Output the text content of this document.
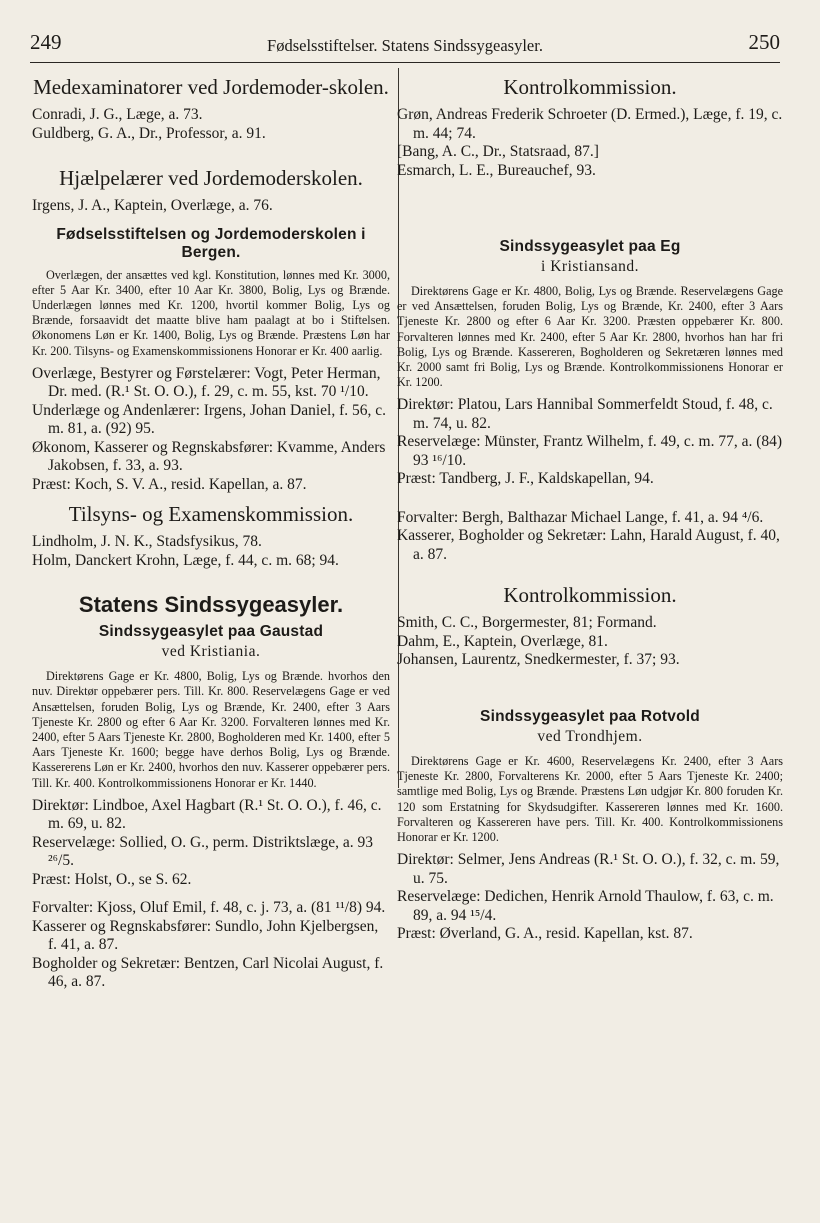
249	Fødselsstiftelser. Statens Sindssygeasyler.	250
Medexaminatorer ved Jordemoder-skolen.
Conradi, J. G., Læge, a. 73.
Guldberg, G. A., Dr., Professor, a. 91.
Hjælpelærer ved Jordemoderskolen.
Irgens, J. A., Kaptein, Overlæge, a. 76.
Fødselsstiftelsen og Jordemoderskolen i Bergen.
Overlægen, der ansættes ved kgl. Konstitution, lønnes med Kr. 3000, efter 5 Aar Kr. 3400, efter 10 Aar Kr. 3800, Bolig, Lys og Brænde. Underlægen lønnes med Kr. 1200, hvortil kommer Bolig, Lys og Brænde, forsaavidt det maatte blive ham paalagt at bo i Stiftelsen. Økonomens Løn er Kr. 1400, Bolig, Lys og Brænde. Præstens Løn har Kr. 200. Tilsyns- og Examenskommissionens Honorar er Kr. 400 aarlig.
Overlæge, Bestyrer og Førstelærer: Vogt, Peter Herman, Dr. med. (R.¹ St. O. O.), f. 29, c. m. 55, kst. 70 ¹/10.
Underlæge og Andenlærer: Irgens, Johan Daniel, f. 56, c. m. 81, a. (92) 95.
Økonom, Kasserer og Regnskabsfører: Kvamme, Anders Jakobsen, f. 33, a. 93.
Præst: Koch, S. V. A., resid. Kapellan, a. 87.
Tilsyns- og Examenskommission.
Lindholm, J. N. K., Stadsfysikus, 78.
Holm, Danckert Krohn, Læge, f. 44, c. m. 68; 94.
Statens Sindssygeasyler.
Sindssygeasylet paa Gaustad
ved Kristiania.
Direktørens Gage er Kr. 4800, Bolig, Lys og Brænde. hvorhos den nuv. Direktør oppebærer pers. Till. Kr. 800. Reservelægens Gage er ved Ansættelsen, foruden Bolig, Lys og Brænde, Kr. 2400, efter 3 Aars Tjeneste Kr. 2800 og efter 6 Aar Kr. 3200. Forvalteren lønnes med Kr. 2400, efter 5 Aars Tjeneste Kr. 2800, Bogholderen med Kr. 1400, efter 5 Aars Tjeneste Kr. 1600; begge have derhos Bolig, Lys og Brænde. Kassererens Løn er Kr. 2400, hvorhos den nuv. Kasserer oppebærer pers. Till. Kr. 400. Kontrolkommissionens Honorar er Kr. 1440.
Direktør: Lindboe, Axel Hagbart (R.¹ St. O. O.), f. 46, c. m. 69, u. 82.
Reservelæge: Sollied, O. G., perm. Distriktslæge, a. 93 ²⁶/5.
Præst: Holst, O., se S. 62.
Forvalter: Kjoss, Oluf Emil, f. 48, c. j. 73, a. (81 ¹¹/8) 94.
Kasserer og Regnskabsfører: Sundlo, John Kjelbergsen, f. 41, a. 87.
Bogholder og Sekretær: Bentzen, Carl Nicolai August, f. 46, a. 87.
Kontrolkommission.
Grøn, Andreas Frederik Schroeter (D. Ermed.), Læge, f. 19, c. m. 44; 74.
[Bang, A. C., Dr., Statsraad, 87.]
Esmarch, L. E., Bureauchef, 93.
Sindssygeasylet paa Eg
i Kristiansand.
Direktørens Gage er Kr. 4800, Bolig, Lys og Brænde. Reservelægens Gage er ved Ansættelsen, foruden Bolig, Lys og Brænde, Kr. 2400, efter 3 Aars Tjeneste Kr. 2800 og efter 6 Aar Kr. 3200. Præsten oppebærer Kr. 800. Forvalteren lønnes med Kr. 2400, efter 5 Aar Kr. 2800, hvorhos han har fri Bolig, Lys og Brænde. Kassereren, Bogholderen og Sekretæren lønnes med Kr. 2000 samt fri Bolig, Lys og Brænde. Kontrolkommissionens Honorar er Kr. 1200.
Direktør: Platou, Lars Hannibal Sommerfeldt Stoud, f. 48, c. m. 74, u. 82.
Reservelæge: Münster, Frantz Wilhelm, f. 49, c. m. 77, a. (84) 93 ¹⁶/10.
Præst: Tandberg, J. F., Kaldskapellan, 94.
Forvalter: Bergh, Balthazar Michael Lange, f. 41, a. 94 ⁴/6.
Kasserer, Bogholder og Sekretær: Lahn, Harald August, f. 40, a. 87.
Kontrolkommission.
Smith, C. C., Borgermester, 81; Formand.
Dahm, E., Kaptein, Overlæge, 81.
Johansen, Laurentz, Snedkermester, f. 37; 93.
Sindssygeasylet paa Rotvold
ved Trondhjem.
Direktørens Gage er Kr. 4600, Reservelægens Kr. 2400, efter 3 Aars Tjeneste Kr. 2800, Forvalterens Kr. 2000, efter 5 Aars Tjeneste Kr. 2400; samtlige med Bolig, Lys og Brænde. Præstens Løn udgjør Kr. 800 foruden Kr. 120 som Erstatning for Skydsudgifter. Kassereren lønnes med Kr. 1600. Forvalteren og Kassereren have pers. Till. Kr. 400. Kontrolkommissionens Honorar er Kr. 1200.
Direktør: Selmer, Jens Andreas (R.¹ St. O. O.), f. 32, c. m. 59, u. 75.
Reservelæge: Dedichen, Henrik Arnold Thaulow, f. 63, c. m. 89, a. 94 ¹⁵/4.
Præst: Øverland, G. A., resid. Kapellan, kst. 87.
